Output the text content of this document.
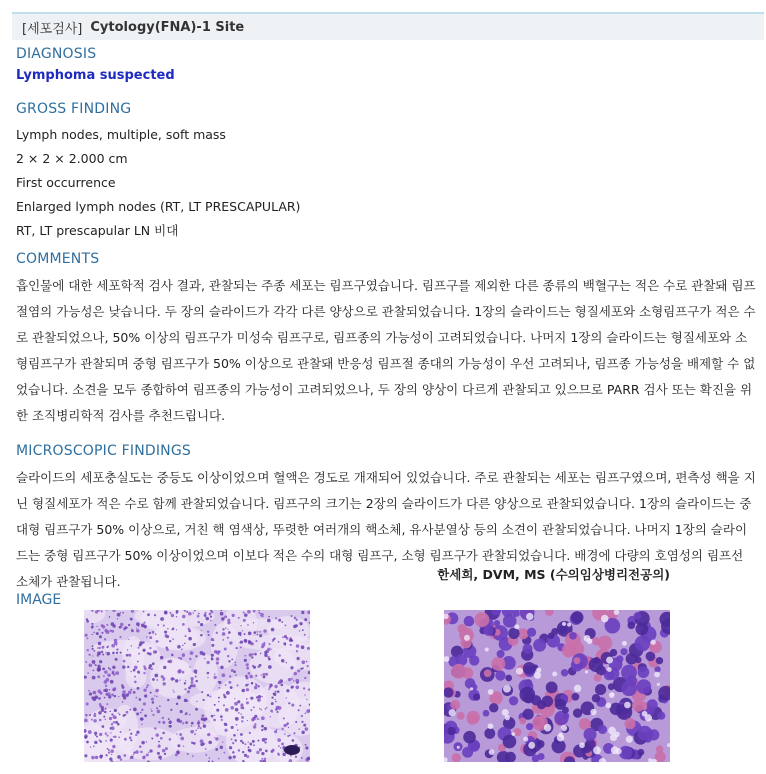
[세포검사] Cytology(FNA)-1 Site
DIAGNOSIS
Lymphoma suspected
GROSS FINDING

Lymph nodes, multiple, soft mass

2 × 2 × 2.000 cm

First occurrence

Enlarged lymph nodes (RT, LT PRESCAPULAR)

RT, LT prescapular LN 비대

COMMENTS

흡인물에 대한 세포학적 검사 결과, 관찰되는 주종 세포는 림프구였습니다. 림프구를 제외한 다른 종류의 백혈구는 적은 수로 관찰돼 림프절염의 가능성은 낮습니다. 두 장의 슬라이드가 각각 다른 양상으로 관찰되었습니다. 1장의 슬라이드는 형질세포와 소형림프구가 적은 수로 관찰되었으나, 50% 이상의 림프구가 미성숙 림프구로, 림프종의 가능성이 고려되었습니다. 나머지 1장의 슬라이드는 형질세포와 소형림프구가 관찰되며 중형 림프구가 50% 이상으로 관찰돼 반응성 림프절 종대의 가능성이 우선 고려되나, 림프종 가능성을 배제할 수 없었습니다. 소견을 모두 종합하여 림프종의 가능성이 고려되었으나, 두 장의 양상이 다르게 관찰되고 있으므로 PARR 검사 또는 확진을 위한 조직병리학적 검사를 추천드립니다.

MICROSCOPIC FINDINGS

슬라이드의 세포충실도는 중등도 이상이었으며 혈액은 경도로 개재되어 있었습니다. 주로 관찰되는 세포는 림프구였으며, 편측성 핵을 지닌 형질세포가 적은 수로 함께 관찰되었습니다. 림프구의 크기는 2장의 슬라이드가 다른 양상으로 관찰되었습니다. 1장의 슬라이드는 중대형 림프구가 50% 이상으로, 거친 핵 염색상, 뚜렷한 여러개의 핵소체, 유사분열상 등의 소견이 관찰되었습니다. 나머지 1장의 슬라이드는 중형 림프구가 50% 이상이었으며 이보다 적은 수의 대형 림프구, 소형 림프구가 관찰되었습니다. 배경에 다량의 호염성의 림프선 소체가 관찰됩니다.	한세희, DVM, MS (수의임상병리전공의)
IMAGE
